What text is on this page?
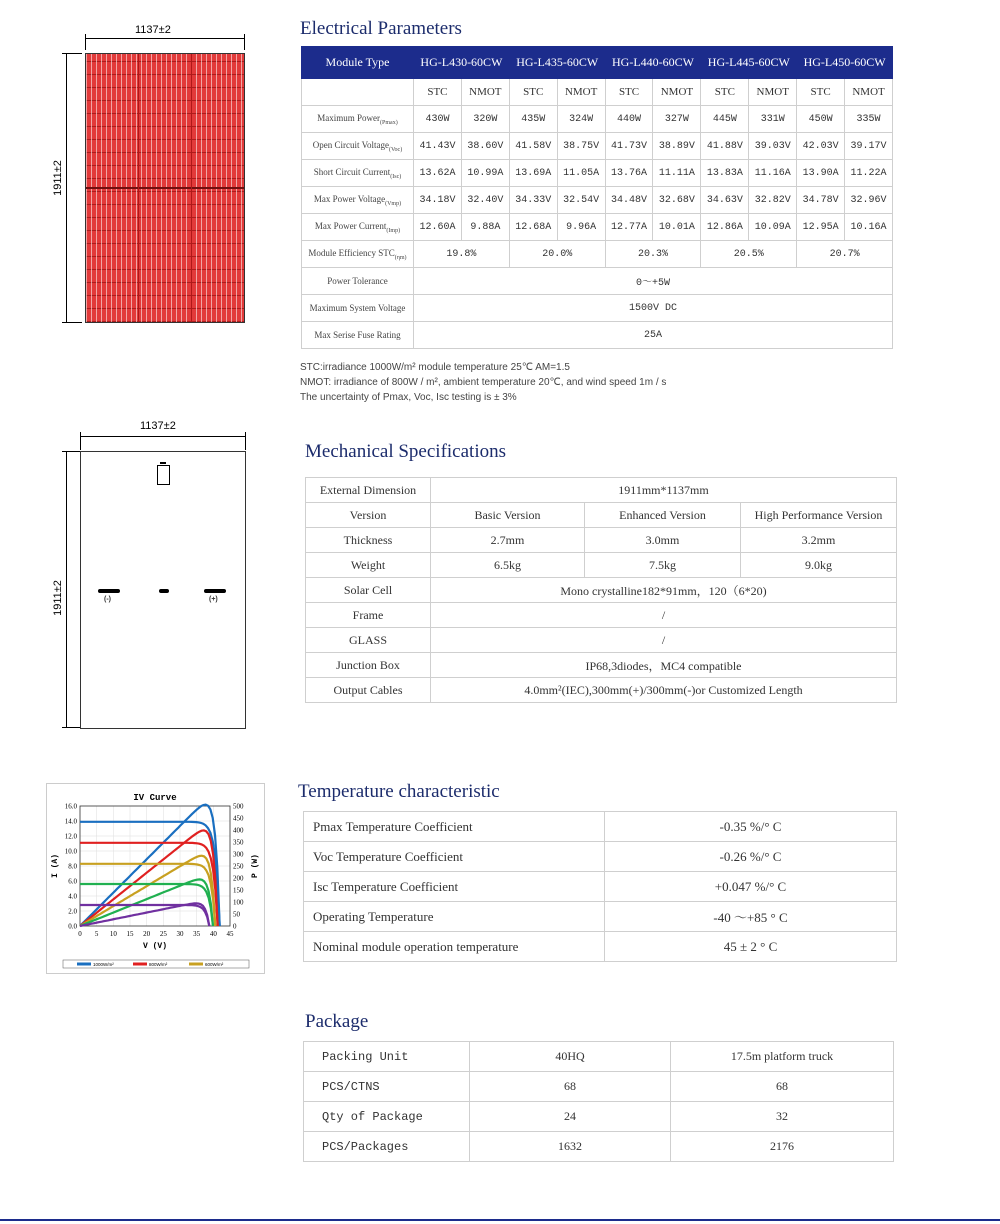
1137±2
1911±2
Electrical Parameters
Module Type	HG-L430-60CW		HG-L435-60CW		HG-L440-60CW		HG-L445-60CW		HG-L450-60CW	
	STC	NMOT	STC	NMOT	STC	NMOT	STC	NMOT	STC	NMOT
Maximum Power$_{(Pmax)}$	430W	320W	435W	324W	440W	327W	445W	331W	450W	335W
Open Circuit Voltage$_{(Voc)}$	41.43V	38.60V	41.58V	38.75V	41.73V	38.89V	41.88V	39.03V	42.03V	39.17V
Short Circuit Current$_{(Isc)}$	13.62A	10.99A	13.69A	11.05A	13.76A	11.11A	13.83A	11.16A	13.90A	11.22A
Max Power Voltage$_{(Vmp)}$	34.18V	32.40V	34.33V	32.54V	34.48V	32.68V	34.63V	32.82V	34.78V	32.96V
Max Power Current$_{(Imp)}$	12.60A	9.88A	12.68A	9.96A	12.77A	10.01A	12.86A	10.09A	12.95A	10.16A
Module Efficiency $STC_{(\eta m)}$	19.8%		20.0%		20.3%		20.5%		20.7%	
Power Tolerance	0～+5W									
Maximum System Voltage	1500V DC									
Max Serise Fuse Rating	25A									
STC:irradiance 1000W/m² module temperature 25℃ AM=1.5
NMOT: irradiance of 800W / m², ambient temperature 20℃, and wind speed 1m / s
The uncertainty of Pmax, Voc, Isc testing is ± 3%
1137±2
1911±2	(-)	(+)
Mechanical Specifications
External Dimension	1911mm*1137mm		
Version	Basic Version	Enhanced Version	High Performance Version
Thickness	2.7mm	3.0mm	3.2mm
Weight	6.5kg	7.5kg	9.0kg
Solar Cell	Mono crystalline182*91mm，120（6*20)		
Frame	/		
GLASS	/		
Junction Box	IP68,3diodes，MC4 compatible		
Output Cables	4.0mm²(IEC),300mm(+)/300mm(-)or Customized Length		
IV Curve
0 5 10 15 20 25 30 35 40 45
0.0
2.0
4.0
6.0
8.0
10.0
12.0
14.0
16.0
0
50
100
150
200
250
300
350
400
450
500
V (V)
I (A)	P (W)
1000W/m²	800W/m²	600W/m²
Temperature characteristic
Pmax Temperature Coefficient	-0.35 %/° C
Voc Temperature Coefficient	-0.26 %/° C
Isc Temperature Coefficient	+0.047 %/° C
Operating Temperature	-40 ～+85 ° C
Nominal module operation temperature	45 ± 2 ° C
Package
Packing Unit	40HQ	17.5m platform truck
PCS/CTNS	68	68
Qty of Package	24	32
PCS/Packages	1632	2176
